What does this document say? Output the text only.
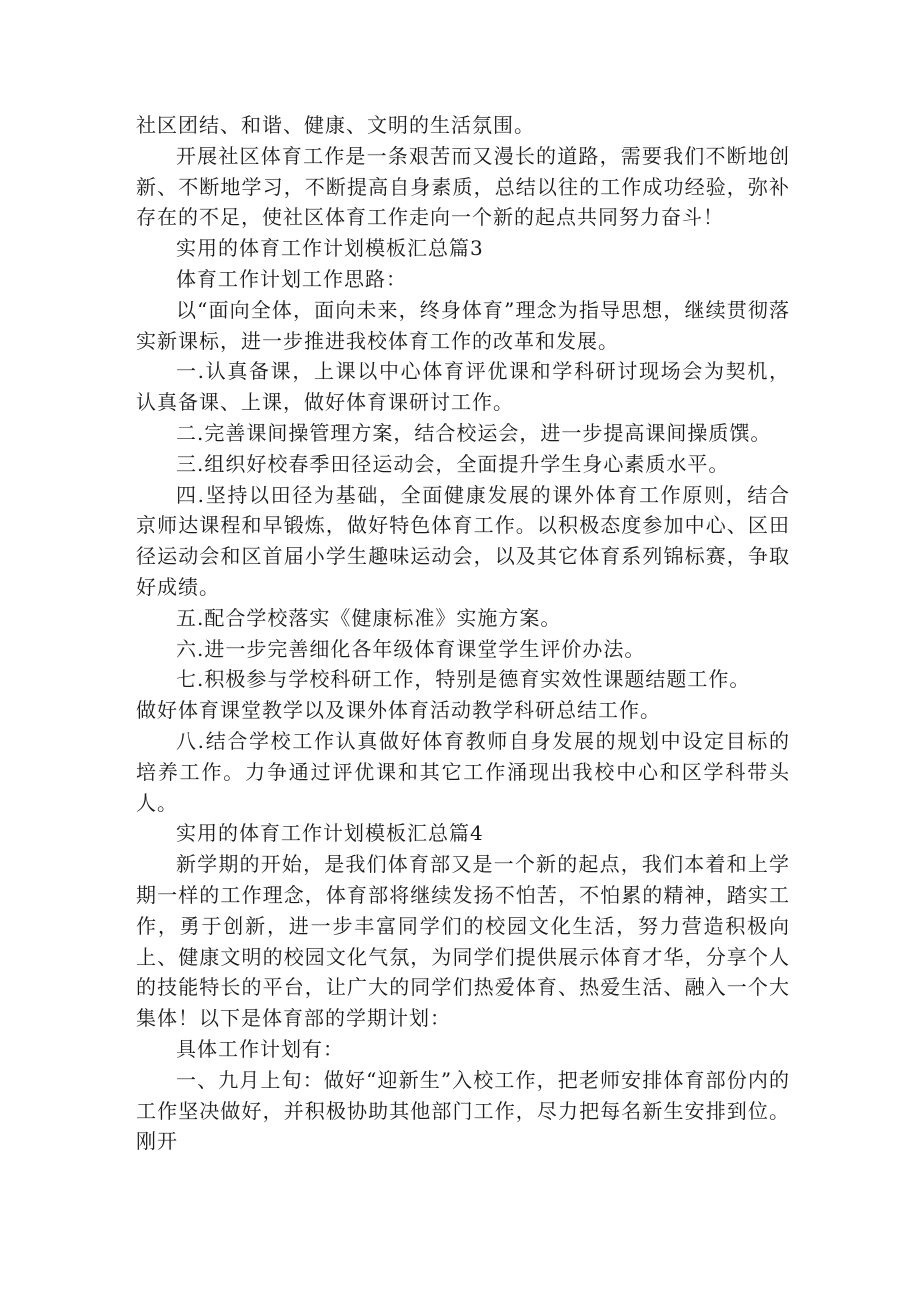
社区团结、和谐、健康、文明的生活氛围。

开展社区体育工作是一条艰苦而又漫长的道路，需要我们不断地创新、不断地学习，不断提高自身素质，总结以往的工作成功经验，弥补存在的不足，使社区体育工作走向一个新的起点共同努力奋斗！

实用的体育工作计划模板汇总篇3

体育工作计划工作思路：

以“面向全体，面向未来，终身体育”理念为指导思想，继续贯彻落实新课标，进一步推进我校体育工作的改革和发展。

一.认真备课，上课以中心体育评优课和学科研讨现场会为契机，认真备课、上课，做好体育课研讨工作。

二.完善课间操管理方案，结合校运会，进一步提高课间操质馔。

三.组织好校春季田径运动会，全面提升学生身心素质水平。

四.坚持以田径为基础，全面健康发展的课外体育工作原则，结合京师达课程和早锻炼，做好特色体育工作。以积极态度参加中心、区田径运动会和区首届小学生趣味运动会，以及其它体育系列锦标赛，争取好成绩。

五.配合学校落实《健康标准》实施方案。

六.进一步完善细化各年级体育课堂学生评价办法。

七.积极参与学校科研工作，特别是德育实效性课题结题工作。

做好体育课堂教学以及课外体育活动教学科研总结工作。

八.结合学校工作认真做好体育教师自身发展的规划中设定目标的培养工作。力争通过评优课和其它工作涌现出我校中心和区学科带头人。

实用的体育工作计划模板汇总篇4

新学期的开始，是我们体育部又是一个新的起点，我们本着和上学期一样的工作理念，体育部将继续发扬不怕苦，不怕累的精神，踏实工作，勇于创新，进一步丰富同学们的校园文化生活，努力营造积极向上、健康文明的校园文化气氛，为同学们提供展示体育才华，分享个人的技能特长的平台，让广大的同学们热爱体育、热爱生活、融入一个大集体！以下是体育部的学期计划：

具体工作计划有：

一、九月上旬：做好“迎新生”入校工作，把老师安排体育部份内的工作坚决做好，并积极协助其他部门工作，尽力把每名新生安排到位。刚开
